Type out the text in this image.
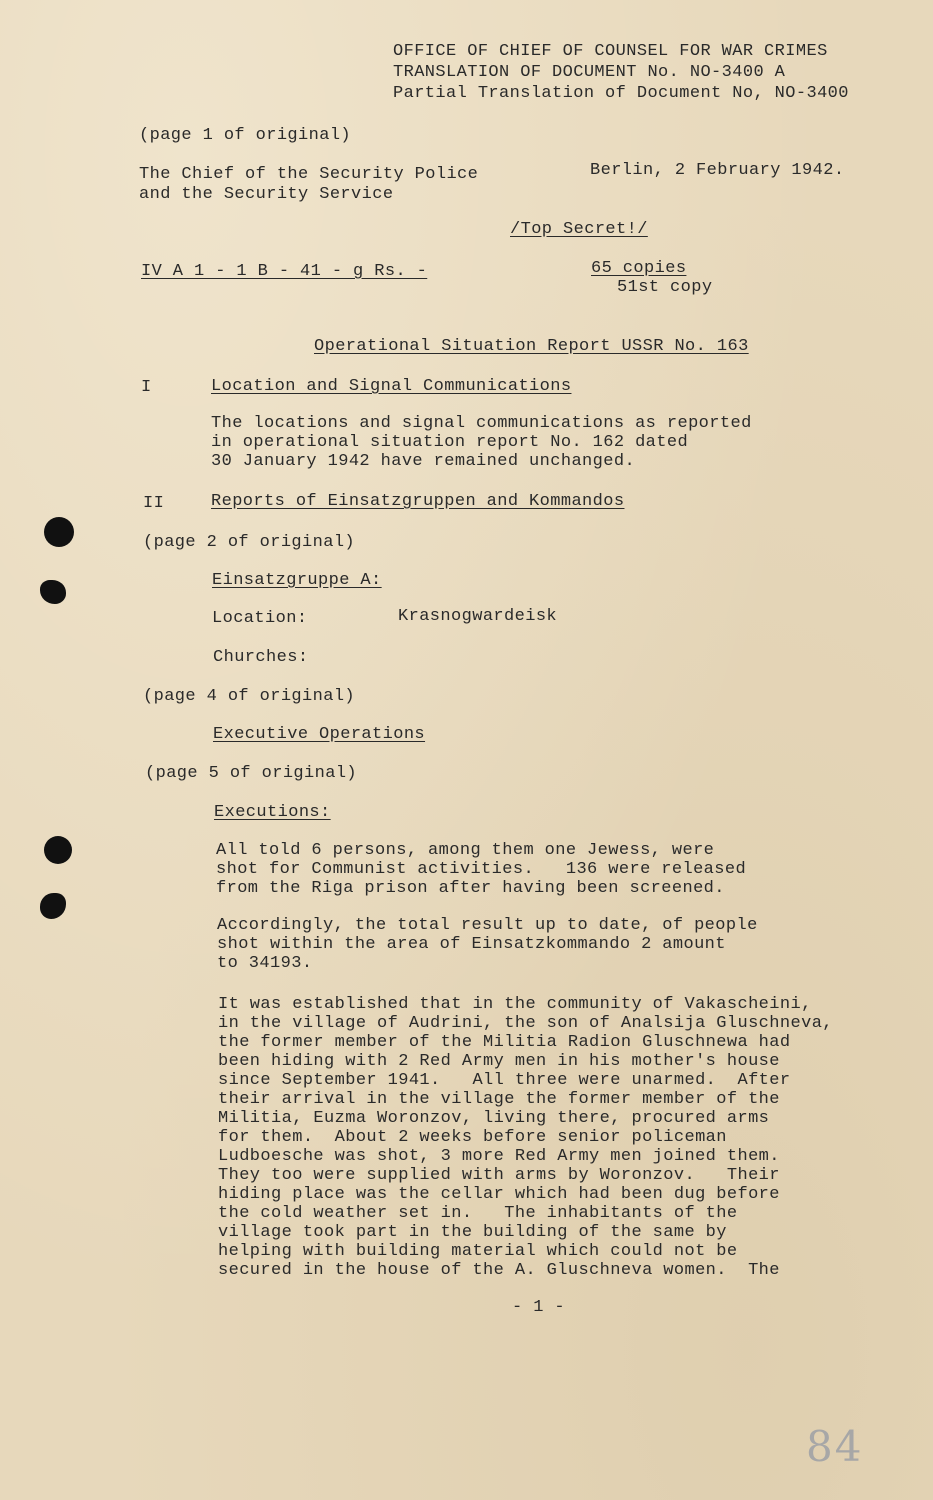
OFFICE OF CHIEF OF COUNSEL FOR WAR CRIMES
TRANSLATION OF DOCUMENT No. NO-3400 A
Partial Translation of Document No, NO-3400
(page 1 of original)
The Chief of the Security Police
and the Security Service
Berlin, 2 February 1942.
/Top Secret!/
IV A 1 - 1 B - 41 - g Rs. -	65 copies
51st copy
Operational Situation Report USSR No. 163
I	Location and Signal Communications
The locations and signal communications as reported
in operational situation report No. 162 dated
30 January 1942 have remained unchanged.
II	Reports of Einsatzgruppen and Kommandos
(page 2 of original)
Einsatzgruppe A:
Location:	Krasnogwardeisk
Churches:
(page 4 of original)
Executive Operations
(page 5 of original)
Executions:
All told 6 persons, among them one Jewess, were
shot for Communist activities.   136 were released
from the Riga prison after having been screened.
Accordingly, the total result up to date, of people
shot within the area of Einsatzkommando 2 amount
to 34193.
It was established that in the community of Vakascheini,
in the village of Audrini, the son of Analsija Gluschneva,
the former member of the Militia Radion Gluschnewa had
been hiding with 2 Red Army men in his mother's house
since September 1941.   All three were unarmed.  After
their arrival in the village the former member of the
Militia, Euzma Woronzov, living there, procured arms
for them.  About 2 weeks before senior policeman
Ludboesche was shot, 3 more Red Army men joined them.
They too were supplied with arms by Woronzov.   Their
hiding place was the cellar which had been dug before
the cold weather set in.   The inhabitants of the
village took part in the building of the same by
helping with building material which could not be
secured in the house of the A. Gluschneva women.  The
- 1 -
84
